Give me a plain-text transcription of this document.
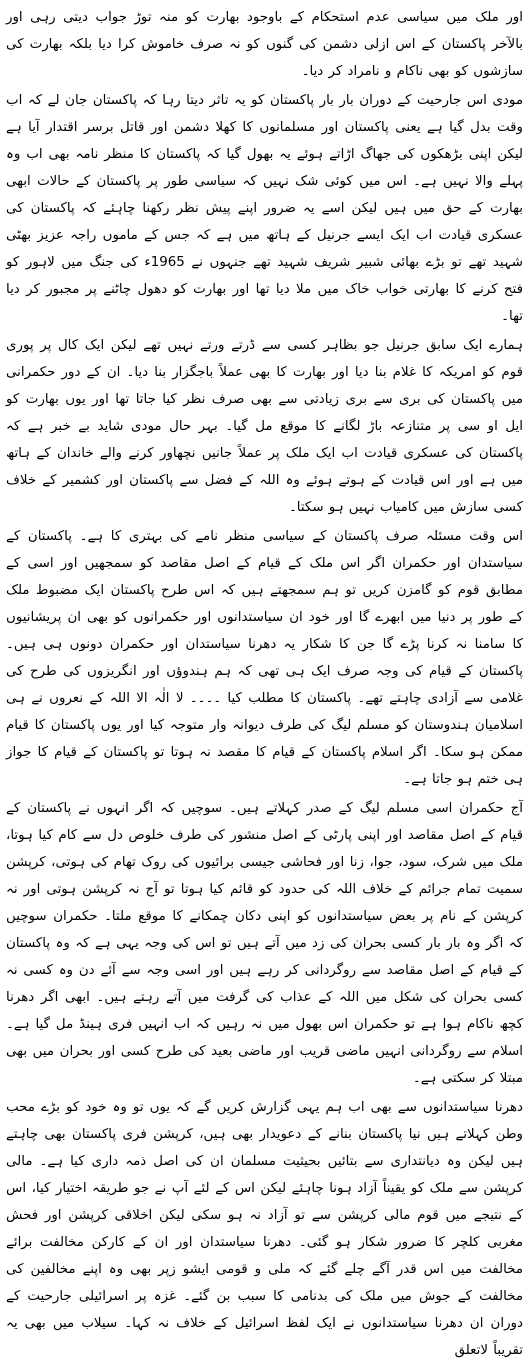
اور ملک میں سیاسی عدم استحکام کے باوجود بھارت کو منہ توڑ جواب دیتی رہی اور بالآخر پاکستان کے اس ازلی دشمن کی گنوں کو نہ صرف خاموش کرا دیا بلکہ بھارت کی سازشوں کو بھی ناکام و نامراد کر دیا۔

مودی اس جارحیت کے دوران بار بار پاکستان کو یہ تاثر دیتا رہا کہ پاکستان جان لے کہ اب وقت بدل گیا ہے یعنی پاکستان اور مسلمانوں کا کھلا دشمن اور قاتل برسر اقتدار آیا ہے لیکن اپنی بڑھکوں کی جھاگ اڑاتے ہوئے یہ بھول گیا کہ پاکستان کا منظر نامہ بھی اب وہ پہلے والا نہیں ہے۔ اس میں کوئی شک نہیں کہ سیاسی طور پر پاکستان کے حالات ابھی بھارت کے حق میں ہیں لیکن اسے یہ ضرور اپنے پیش نظر رکھنا چاہئے کہ پاکستان کی عسکری قیادت اب ایک ایسے جرنیل کے ہاتھ میں ہے کہ جس کے ماموں راجہ عزیز بھٹی شہید تھے تو بڑے بھائی شبیر شریف شہید تھے جنہوں نے 1965ء کی جنگ میں لاہور کو فتح کرنے کا بھارتی خواب خاک میں ملا دیا تھا اور بھارت کو دھول چاٹنے پر مجبور کر دیا تھا۔

ہمارے ایک سابق جرنیل جو بظاہر کسی سے ڈرتے ورتے نہیں تھے لیکن ایک کال پر پوری قوم کو امریکہ کا غلام بنا دیا اور بھارت کا بھی عملاً باجگزار بنا دیا۔ ان کے دور حکمرانی میں پاکستان کی بری سے بری زیادتی سے بھی صرف نظر کیا جاتا تھا اور یوں بھارت کو ایل او سی پر متنازعہ باڑ لگانے کا موقع مل گیا۔ بہر حال مودی شاید بے خبر ہے کہ پاکستان کی عسکری قیادت اب ایک ملک پر عملاً جانیں نچھاور کرنے والے خاندان کے ہاتھ میں ہے اور اس قیادت کے ہوتے ہوئے وہ اللہ کے فضل سے پاکستان اور کشمیر کے خلاف کسی سازش میں کامیاب نہیں ہو سکتا۔

اس وقت مسئلہ صرف پاکستان کے سیاسی منظر نامے کی بہتری کا ہے۔ پاکستان کے سیاستدان اور حکمران اگر اس ملک کے قیام کے اصل مقاصد کو سمجھیں اور اسی کے مطابق قوم کو گامزن کریں تو ہم سمجھتے ہیں کہ اس طرح پاکستان ایک مضبوط ملک کے طور پر دنیا میں ابھرے گا اور خود ان سیاستدانوں اور حکمرانوں کو بھی ان پریشانیوں کا سامنا نہ کرنا پڑے گا جن کا شکار یہ دھرنا سیاستدان اور حکمران دونوں ہی ہیں۔ پاکستان کے قیام کی وجہ صرف ایک ہی تھی کہ ہم ہندوؤں اور انگریزوں کی طرح کی غلامی سے آزادی چاہتے تھے۔ پاکستان کا مطلب کیا ۔۔۔۔ لا الٰہ الا اللہ کے نعروں نے ہی اسلامیان ہندوستان کو مسلم لیگ کی طرف دیوانہ وار متوجہ کیا اور یوں پاکستان کا قیام ممکن ہو سکا۔ اگر اسلام پاکستان کے قیام کا مقصد نہ ہوتا تو پاکستان کے قیام کا جواز ہی ختم ہو جاتا ہے۔

آج حکمران اسی مسلم لیگ کے صدر کہلاتے ہیں۔ سوچیں کہ اگر انہوں نے پاکستان کے قیام کے اصل مقاصد اور اپنی پارٹی کے اصل منشور کی طرف خلوص دل سے کام کیا ہوتا، ملک میں شرک، سود، جوا، زنا اور فحاشی جیسی برائیوں کی روک تھام کی ہوتی، کرپشن سمیت تمام جرائم کے خلاف اللہ کی حدود کو قائم کیا ہوتا تو آج نہ کرپشن ہوتی اور نہ کرپشن کے نام پر بعض سیاستدانوں کو اپنی دکان چمکانے کا موقع ملتا۔ حکمران سوچیں کہ اگر وہ بار بار کسی بحران کی زد میں آتے ہیں تو اس کی وجہ یہی ہے کہ وہ پاکستان کے قیام کے اصل مقاصد سے روگردانی کر رہے ہیں اور اسی وجہ سے آئے دن وہ کسی نہ کسی بحران کی شکل میں اللہ کے عذاب کی گرفت میں آتے رہتے ہیں۔ ابھی اگر دھرنا کچھ ناکام ہوا ہے تو حکمران اس بھول میں نہ رہیں کہ اب انہیں فری ہینڈ مل گیا ہے۔ اسلام سے روگردانی انہیں ماضی قریب اور ماضی بعید کی طرح کسی اور بحران میں بھی مبتلا کر سکتی ہے۔

دھرنا سیاستدانوں سے بھی اب ہم یہی گزارش کریں گے کہ یوں تو وہ خود کو بڑے محب وطن کہلاتے ہیں نیا پاکستان بنانے کے دعویدار بھی ہیں، کرپشن فری پاکستان بھی چاہتے ہیں لیکن وہ دیانتداری سے بتائیں بحیثیت مسلمان ان کی اصل ذمہ داری کیا ہے۔ مالی کرپشن سے ملک کو یقیناً آزاد ہونا چاہئے لیکن اس کے لئے آپ نے جو طریقہ اختیار کیا، اس کے نتیجے میں قوم مالی کرپشن سے تو آزاد نہ ہو سکی لیکن اخلاقی کرپشن اور فحش مغربی کلچر کا ضرور شکار ہو گئی۔ دھرنا سیاستدان اور ان کے کارکن مخالفت برائے مخالفت میں اس قدر آگے چلے گئے کہ ملی و قومی ایشو زپر بھی وہ اپنے مخالفین کی مخالفت کے جوش میں ملک کی بدنامی کا سبب بن گئے۔ غزہ پر اسرائیلی جارحیت کے دوران ان دھرنا سیاستدانوں نے ایک لفظ اسرائیل کے خلاف نہ کہا۔ سیلاب میں بھی یہ تقریباً لاتعلق
